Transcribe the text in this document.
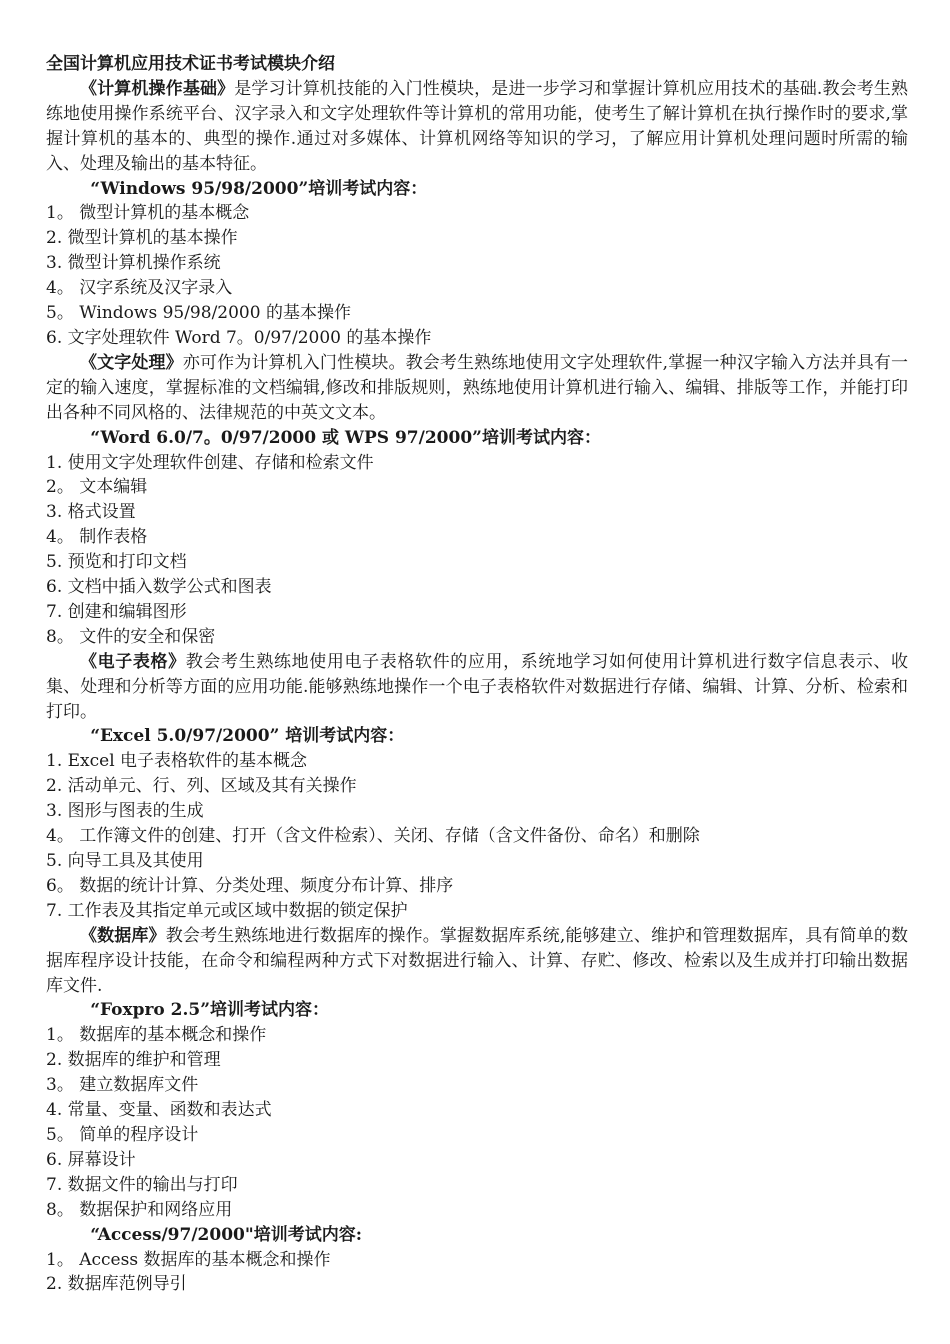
全国计算机应用技术证书考试模块介绍

《计算机操作基础》是学习计算机技能的入门性模块，是进一步学习和掌握计算机应用技术的基础.教会考生熟练地使用操作系统平台、汉字录入和文字处理软件等计算机的常用功能，使考生了解计算机在执行操作时的要求,掌握计算机的基本的、典型的操作.通过对多媒体、计算机网络等知识的学习，了解应用计算机处理问题时所需的输入、处理及输出的基本特征。

“Windows 95/98/2000”培训考试内容：

1。 微型计算机的基本概念
2. 微型计算机的基本操作
3. 微型计算机操作系统
4。 汉字系统及汉字录入
5。 Windows 95/98/2000 的基本操作
6. 文字处理软件 Word 7。0/97/2000 的基本操作

《文字处理》亦可作为计算机入门性模块。教会考生熟练地使用文字处理软件,掌握一种汉字输入方法并具有一定的输入速度，掌握标准的文档编辑,修改和排版规则，熟练地使用计算机进行输入、编辑、排版等工作，并能打印出各种不同风格的、法律规范的中英文文本。

“Word 6.0/7。0/97/2000 或 WPS 97/2000”培训考试内容：

1. 使用文字处理软件创建、存储和检索文件
2。 文本编辑
3. 格式设置
4。 制作表格
5. 预览和打印文档
6. 文档中插入数学公式和图表
7. 创建和编辑图形
8。 文件的安全和保密

《电子表格》教会考生熟练地使用电子表格软件的应用，系统地学习如何使用计算机进行数字信息表示、收集、处理和分析等方面的应用功能.能够熟练地操作一个电子表格软件对数据进行存储、编辑、计算、分析、检索和打印。

“Excel 5.0/97/2000” 培训考试内容：

1. Excel 电子表格软件的基本概念
2. 活动单元、行、列、区域及其有关操作
3. 图形与图表的生成
4。 工作簿文件的创建、打开（含文件检索）、关闭、存储（含文件备份、命名）和删除
5. 向导工具及其使用
6。 数据的统计计算、分类处理、频度分布计算、排序
7. 工作表及其指定单元或区域中数据的锁定保护

《数据库》教会考生熟练地进行数据库的操作。掌握数据库系统,能够建立、维护和管理数据库，具有简单的数据库程序设计技能，在命令和编程两种方式下对数据进行输入、计算、存贮、修改、检索以及生成并打印输出数据库文件.

“Foxpro 2.5”培训考试内容：

1。 数据库的基本概念和操作
2. 数据库的维护和管理
3。 建立数据库文件
4. 常量、变量、函数和表达式
5。 简单的程序设计
6. 屏幕设计
7. 数据文件的输出与打印
8。 数据保护和网络应用

“Access/97/2000"培训考试内容:

1。 Access 数据库的基本概念和操作
2. 数据库范例导引
